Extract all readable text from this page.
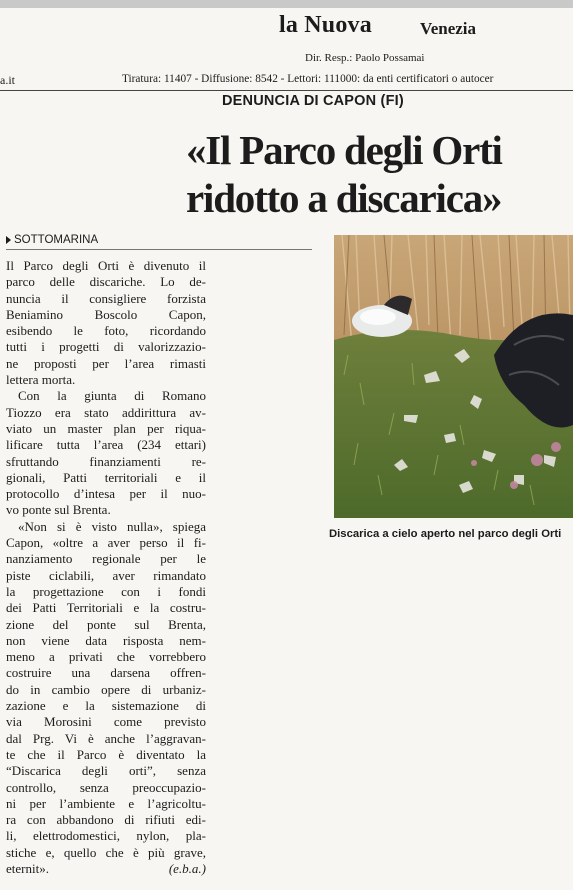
la Nuova	Venezia
Dir. Resp.: Paolo Possamai
a.it	Tiratura: 11407 - Diffusione: 8542 - Lettori: 111000: da enti certificatori o autocer
DENUNCIA DI CAPON (FI)
«Il Parco degli Orti
ridotto a discarica»
SOTTOMARINA

Il Parco degli Orti è divenuto il

parco delle discariche. Lo de-

nuncia il consigliere forzista

Beniamino Boscolo Capon,

esibendo le foto, ricordando

tutti i progetti di valorizzazio-

ne proposti per l’area rimasti

lettera morta.

Con la giunta di Romano

Tiozzo era stato addirittura av-

viato un master plan per riqua-

lificare tutta l’area (234 ettari)

sfruttando finanziamenti re-

gionali, Patti territoriali e il

protocollo d’intesa per il nuo-

vo ponte sul Brenta.

«Non si è visto nulla», spiega

Capon, «oltre a aver perso il fi-

nanziamento regionale per le

piste ciclabili, aver rimandato

la progettazione con i fondi

dei Patti Territoriali e la costru-

zione del ponte sul Brenta,

non viene data risposta nem-

meno a privati che vorrebbero

costruire una darsena offren-

do in cambio opere di urbaniz-

zazione e la sistemazione di

via Morosini come previsto

dal Prg. Vi è anche l’aggravan-

te che il Parco è diventato la

“Discarica degli orti”, senza

controllo, senza preoccupazio-

ni per l’ambiente e l’agricoltu-

ra con abbandono di rifiuti edi-

li, elettrodomestici, nylon, pla-

stiche e, quello che è più grave,

eternit».	(e.b.a.)

Discarica a cielo aperto nel parco degli Orti
